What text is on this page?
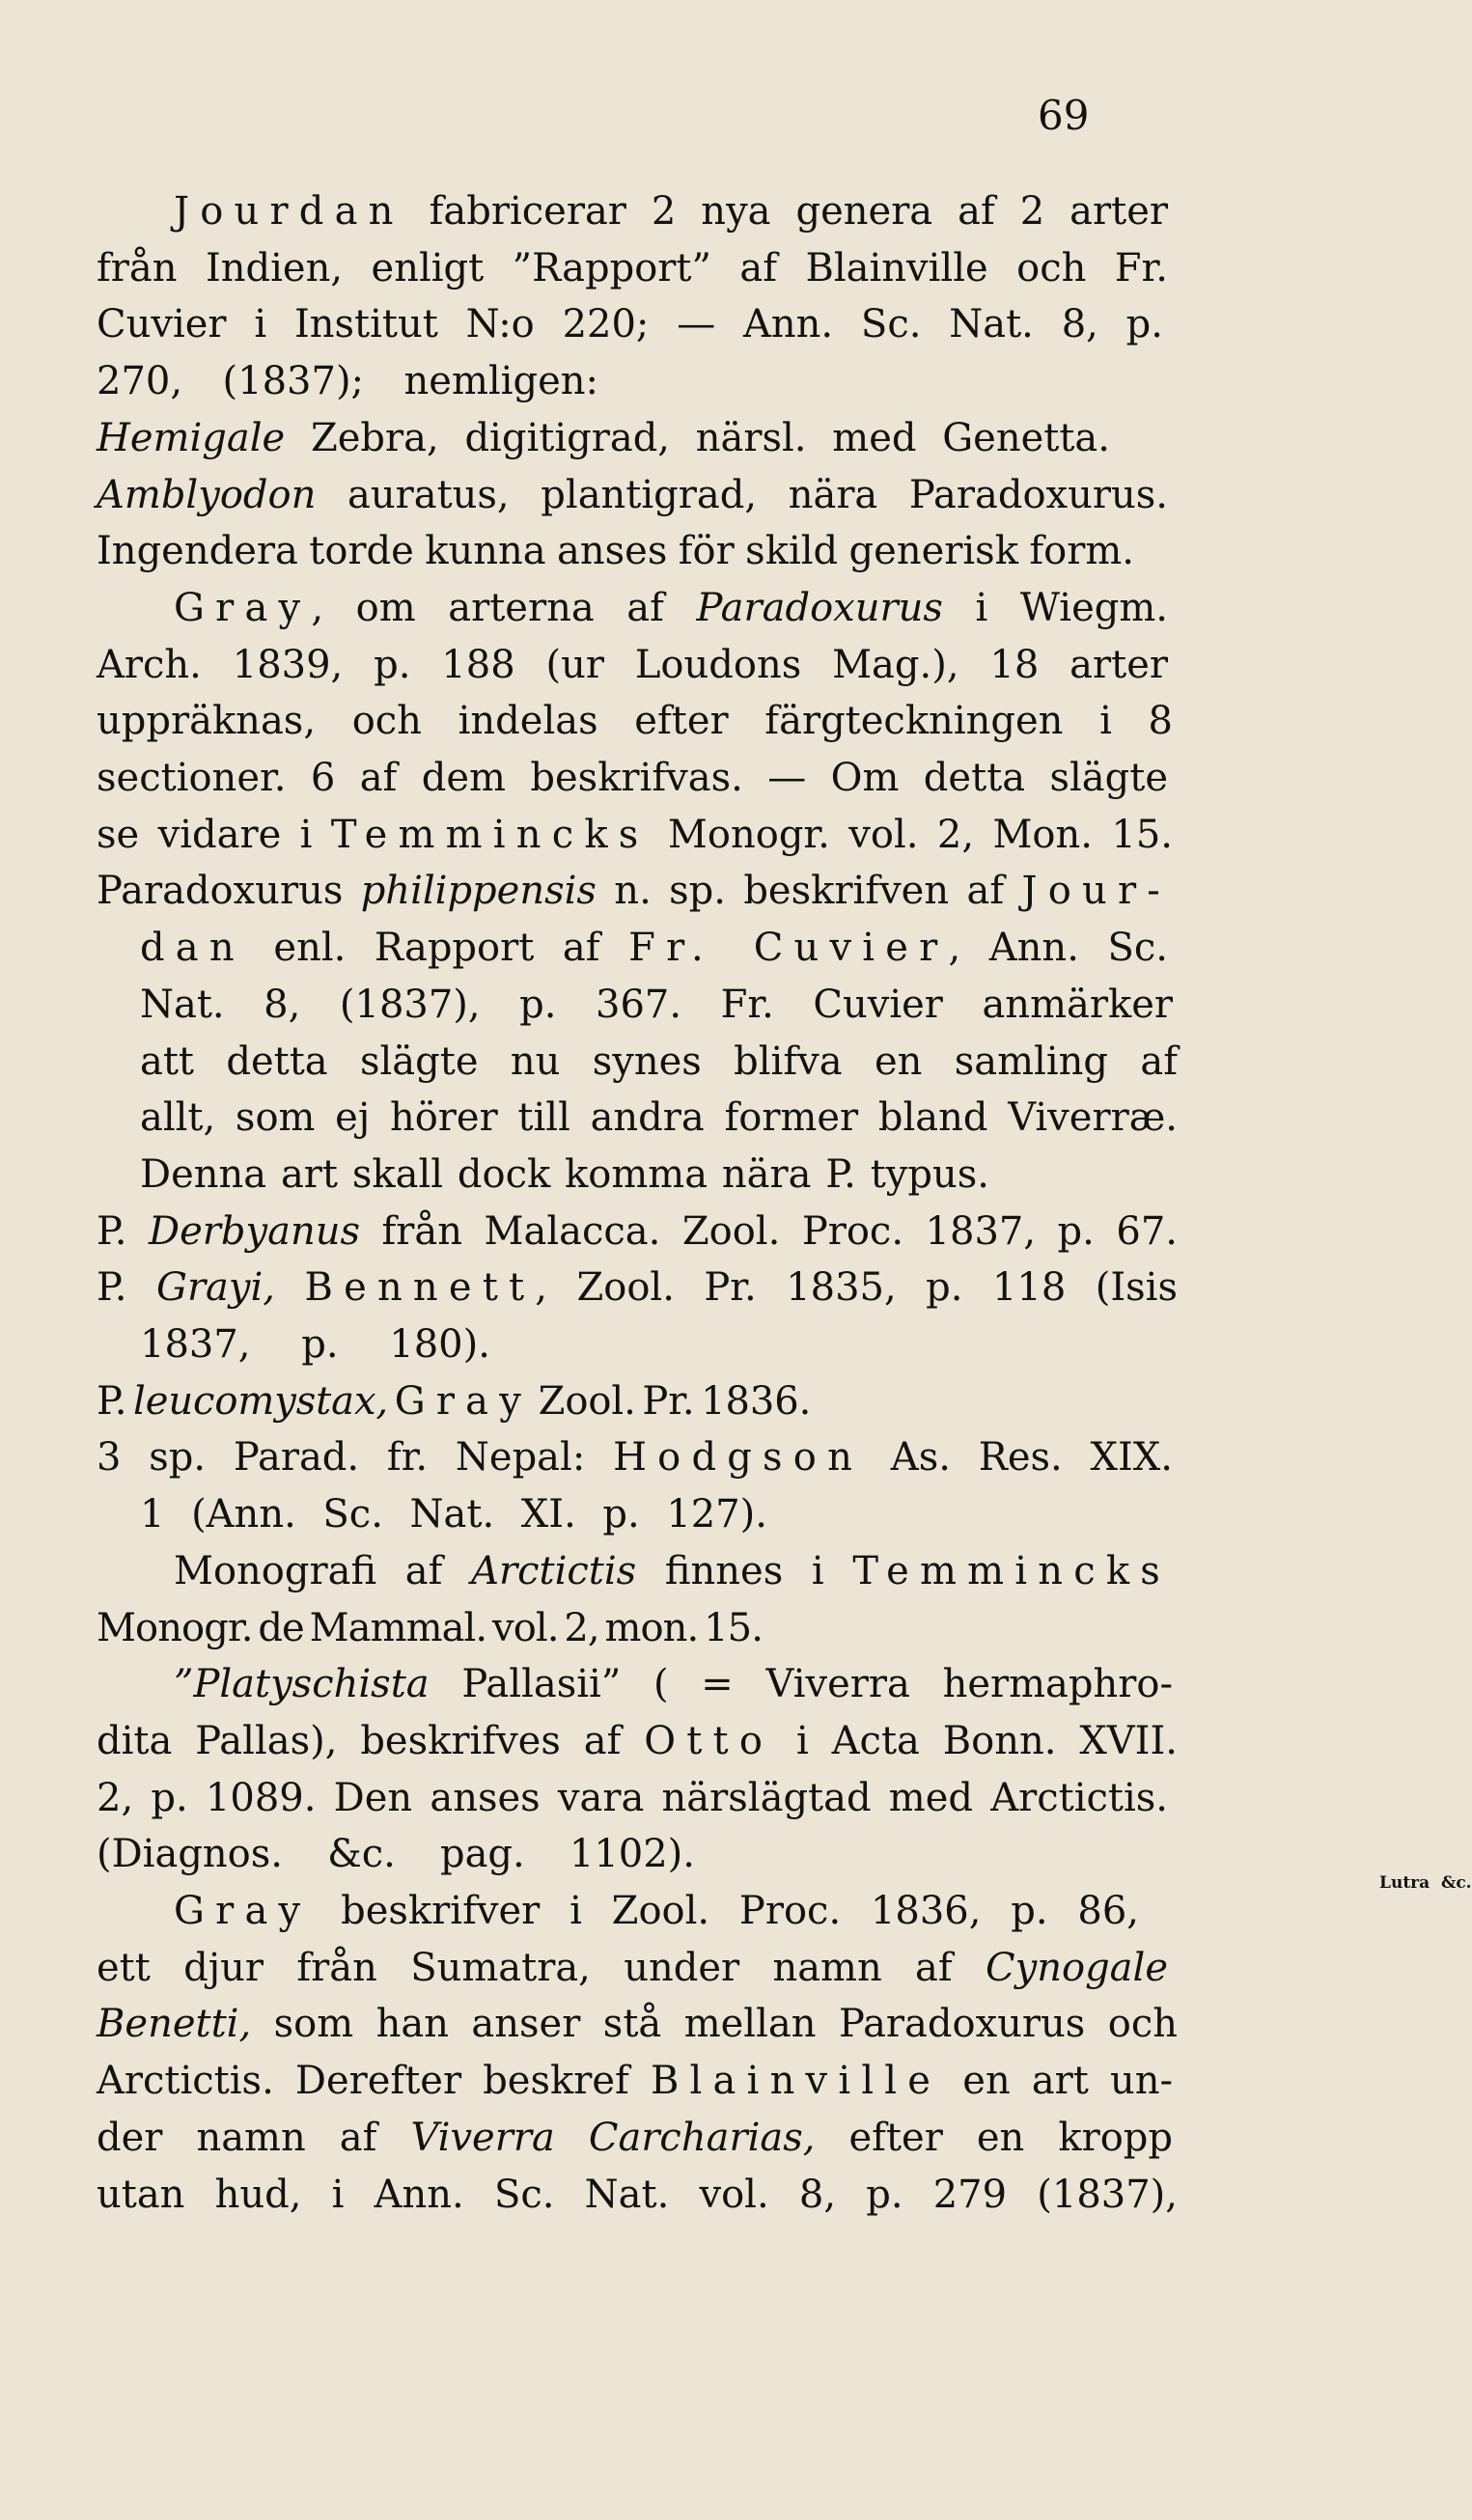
69
Jourdan fabricerar 2 nya genera af 2 arter
från Indien, enligt ”Rapport” af Blainville och Fr.
Cuvier i Institut N:o 220; — Ann. Sc. Nat. 8, p.
270, (1837); nemligen:
Hemigale Zebra, digitigrad, närsl. med Genetta.
Amblyodon auratus, plantigrad, nära Paradoxurus.
Ingendera torde kunna anses för skild generisk form.
Gray, om arterna af Paradoxurus i Wiegm.
Arch. 1839, p. 188 (ur Loudons Mag.), 18 arter
uppräknas, och indelas efter färgteckningen i 8
sectioner. 6 af dem beskrifvas. — Om detta slägte
se vidare i Temmincks Monogr. vol. 2, Mon. 15.
Paradoxurus philippensis n. sp. beskrifven af Jour-
dan enl. Rapport af Fr. Cuvier, Ann. Sc.
Nat. 8, (1837), p. 367. Fr. Cuvier anmärker
att detta slägte nu synes blifva en samling af
allt, som ej hörer till andra former bland Viverræ.
Denna art skall dock komma nära P. typus.
P. Derbyanus från Malacca. Zool. Proc. 1837, p. 67.
P. Grayi, Bennett, Zool. Pr. 1835, p. 118 (Isis
1837, p. 180).
P. leucomystax, Gray Zool. Pr. 1836.
3 sp. Parad. fr. Nepal: Hodgson As. Res. XIX.
1 (Ann. Sc. Nat. XI. p. 127).
Monografi af Arctictis finnes i Temmincks
Monogr. de Mammal. vol. 2, mon. 15.
”Platyschista Pallasii” ( = Viverra hermaphro-
dita Pallas), beskrifves af Otto i Acta Bonn. XVII.
2, p. 1089. Den anses vara närslägtad med Arctictis.
(Diagnos. &c. pag. 1102).
Gray beskrifver i Zool. Proc. 1836, p. 86,
ett djur från Sumatra, under namn af Cynogale
Benetti, som han anser stå mellan Paradoxurus och
Arctictis. Derefter beskref Blainville en art un-
der namn af Viverra Carcharias, efter en kropp
utan hud, i Ann. Sc. Nat. vol. 8, p. 279 (1837),
Lutra  &c.
